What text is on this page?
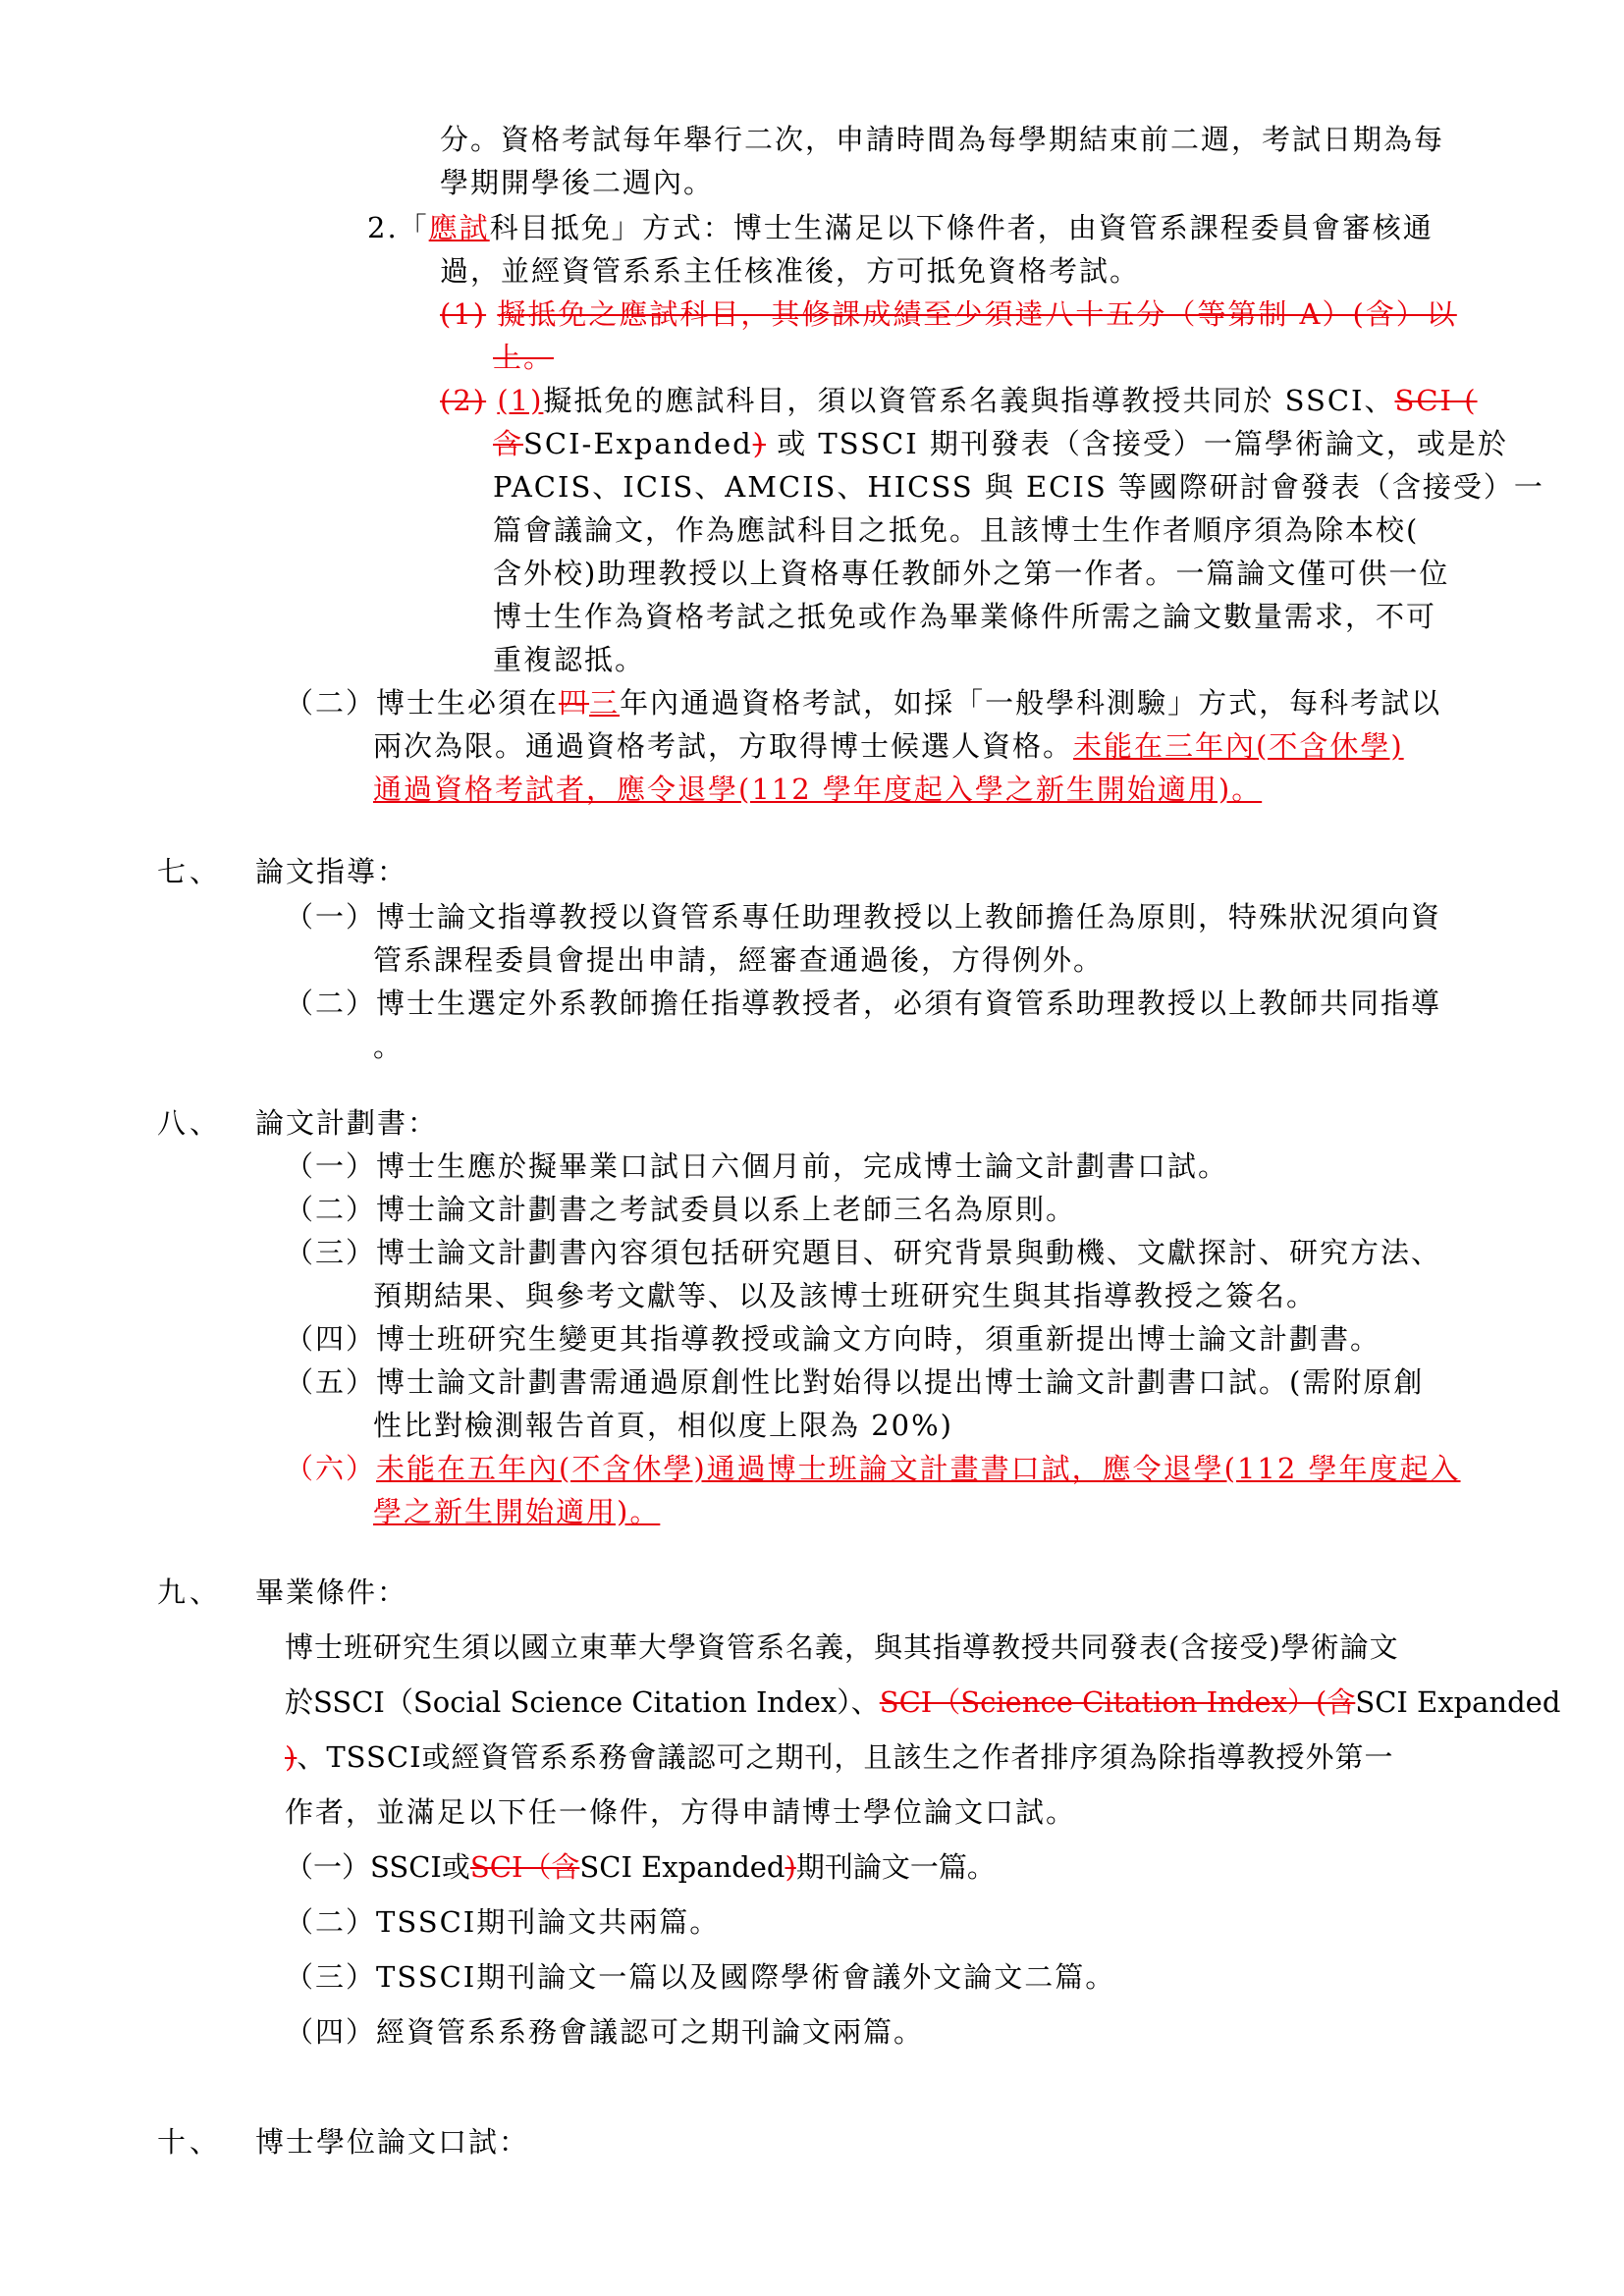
分。資格考試每年舉行二次，申請時間為每學期結束前二週，考試日期為每
學期開學後二週內。
2.「應試科目抵免」方式：博士生滿足以下條件者，由資管系課程委員會審核通
過，並經資管系系主任核准後，方可抵免資格考試。
(1) 擬抵免之應試科目，其修課成績至少須達八十五分（等第制 A）(含）以
上。
(2) (1)擬抵免的應試科目，須以資管系名義與指導教授共同於 SSCI、SCI (
含SCI-Expanded) 或 TSSCI 期刊發表（含接受）一篇學術論文，或是於
PACIS、ICIS、AMCIS、HICSS 與 ECIS 等國際研討會發表（含接受）一
篇會議論文，作為應試科目之抵免。且該博士生作者順序須為除本校(
含外校)助理教授以上資格專任教師外之第一作者。一篇論文僅可供一位
博士生作為資格考試之抵免或作為畢業條件所需之論文數量需求，不可
重複認抵。
（二）博士生必須在四三年內通過資格考試，如採「一般學科測驗」方式，每科考試以
兩次為限。通過資格考試，方取得博士候選人資格。未能在三年內(不含休學)
通過資格考試者，應令退學(112 學年度起入學之新生開始適用)。
七、 論文指導：
（一）博士論文指導教授以資管系專任助理教授以上教師擔任為原則，特殊狀況須向資
管系課程委員會提出申請，經審查通過後，方得例外。
（二）博士生選定外系教師擔任指導教授者，必須有資管系助理教授以上教師共同指導
。
八、 論文計劃書：
（一）博士生應於擬畢業口試日六個月前，完成博士論文計劃書口試。
（二）博士論文計劃書之考試委員以系上老師三名為原則。
（三）博士論文計劃書內容須包括研究題目、研究背景與動機、文獻探討、研究方法、
預期結果、與參考文獻等、以及該博士班研究生與其指導教授之簽名。
（四）博士班研究生變更其指導教授或論文方向時，須重新提出博士論文計劃書。
（五）博士論文計劃書需通過原創性比對始得以提出博士論文計劃書口試。(需附原創
性比對檢測報告首頁，相似度上限為 20%)
（六）未能在五年內(不含休學)通過博士班論文計畫書口試，應令退學(112 學年度起入
學之新生開始適用)。
九、 畢業條件：
博士班研究生須以國立東華大學資管系名義，與其指導教授共同發表(含接受)學術論文
於SSCI（Social Science Citation Index）、SCI（Science Citation Index）(含SCI Expanded
)、TSSCI或經資管系系務會議認可之期刊，且該生之作者排序須為除指導教授外第一
作者，並滿足以下任一條件，方得申請博士學位論文口試。
（一）SSCI或SCI（含SCI Expanded)期刊論文一篇。
（二）TSSCI期刊論文共兩篇。
（三）TSSCI期刊論文一篇以及國際學術會議外文論文二篇。
（四）經資管系系務會議認可之期刊論文兩篇。
十、 博士學位論文口試：
